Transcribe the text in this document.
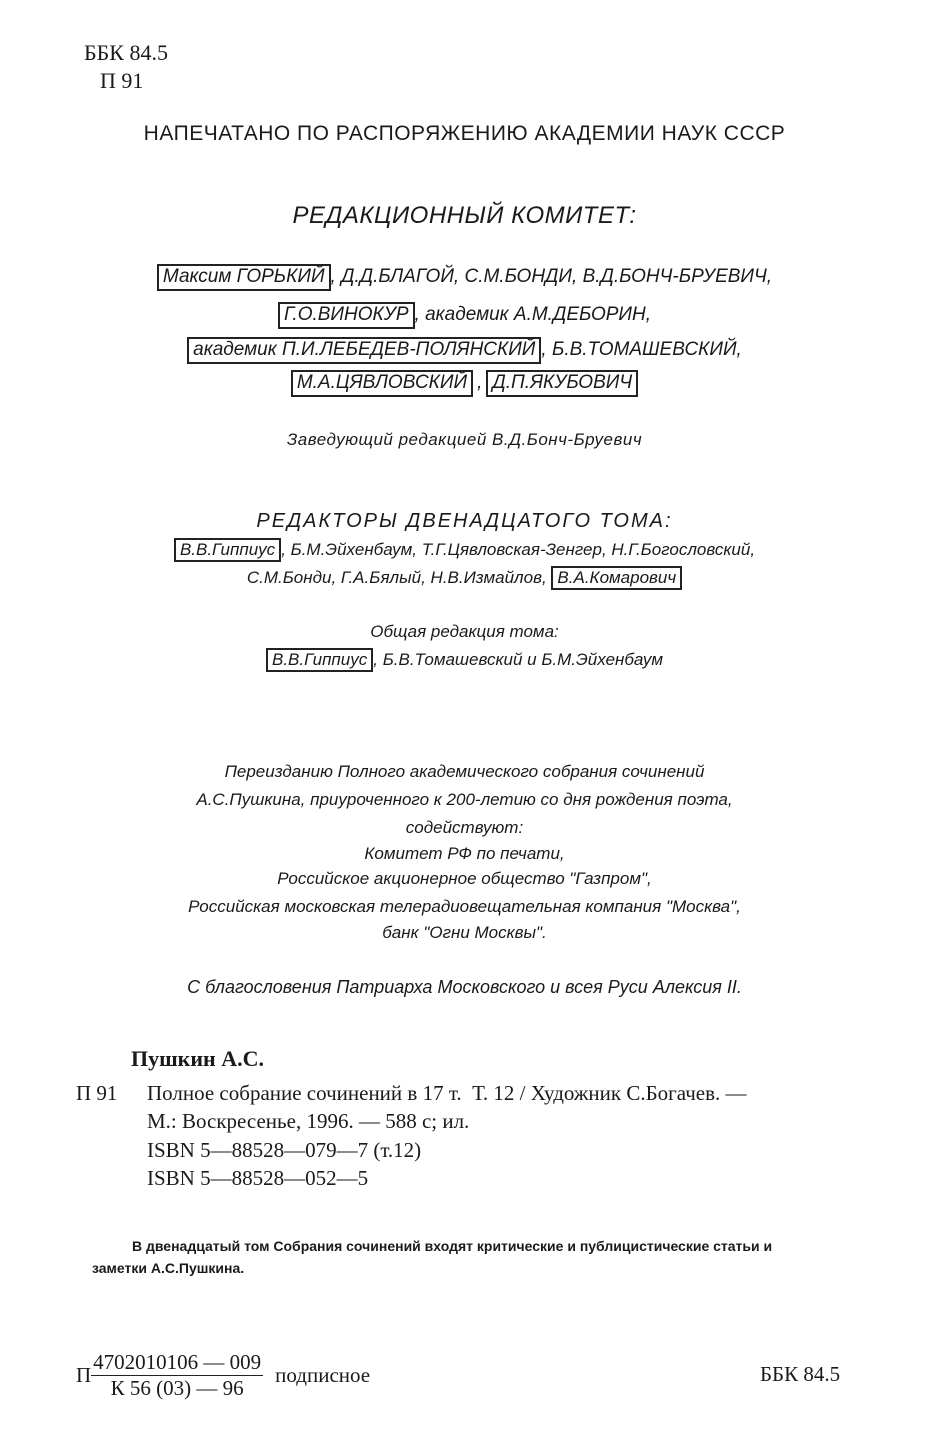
ББК 84.5
П 91
НАПЕЧАТАНО ПО РАСПОРЯЖЕНИЮ АКАДЕМИИ НАУК СССР
РЕДАКЦИОННЫЙ КОМИТЕТ:
Максим ГОРЬКИЙ , Д.Д.БЛАГОЙ, С.М.БОНДИ, В.Д.БОНЧ-БРУЕВИЧ,
Г.О.ВИНОКУР , академик А.М.ДЕБОРИН,
академик П.И.ЛЕБЕДЕВ-ПОЛЯНСКИЙ , Б.В.ТОМАШЕВСКИЙ,
М.А.ЦЯВЛОВСКИЙ , Д.П.ЯКУБОВИЧ
Заведующий редакцией В.Д.Бонч-Бруевич
РЕДАКТОРЫ ДВЕНАДЦАТОГО ТОМА:
В.В.Гиппиус , Б.М.Эйхенбаум, Т.Г.Цявловская-Зенгер, Н.Г.Богословский,
С.М.Бонди, Г.А.Бялый, Н.В.Измайлов, В.А.Комарович
Общая редакция тома:
В.В.Гиппиус , Б.В.Томашевский и Б.М.Эйхенбаум
Переизданию Полного академического собрания сочинений
А.С.Пушкина, приуроченного к 200-летию со дня рождения поэта,
содействуют:
Комитет РФ по печати,
Российское акционерное общество "Газпром",
Российская московская телерадиовещательная компания "Москва",
банк "Огни Москвы".
С благословения Патриарха Московского и всея Руси Алексия II.
Пушкин А.С.
П 91 Полное собрание сочинений в 17 т.  Т. 12 / Художник С.Богачев. —
М.: Воскресенье, 1996. — 588 с; ил.
ISBN 5—88528—079—7 (т.12)
ISBN 5—88528—052—5
В двенадцатый том Собрания сочинений входят критические и публицистические статьи и
заметки А.С.Пушкина.
П $\frac{4702010106 — 009}{К 56 (03) — 96}$ подписное	ББК 84.5
